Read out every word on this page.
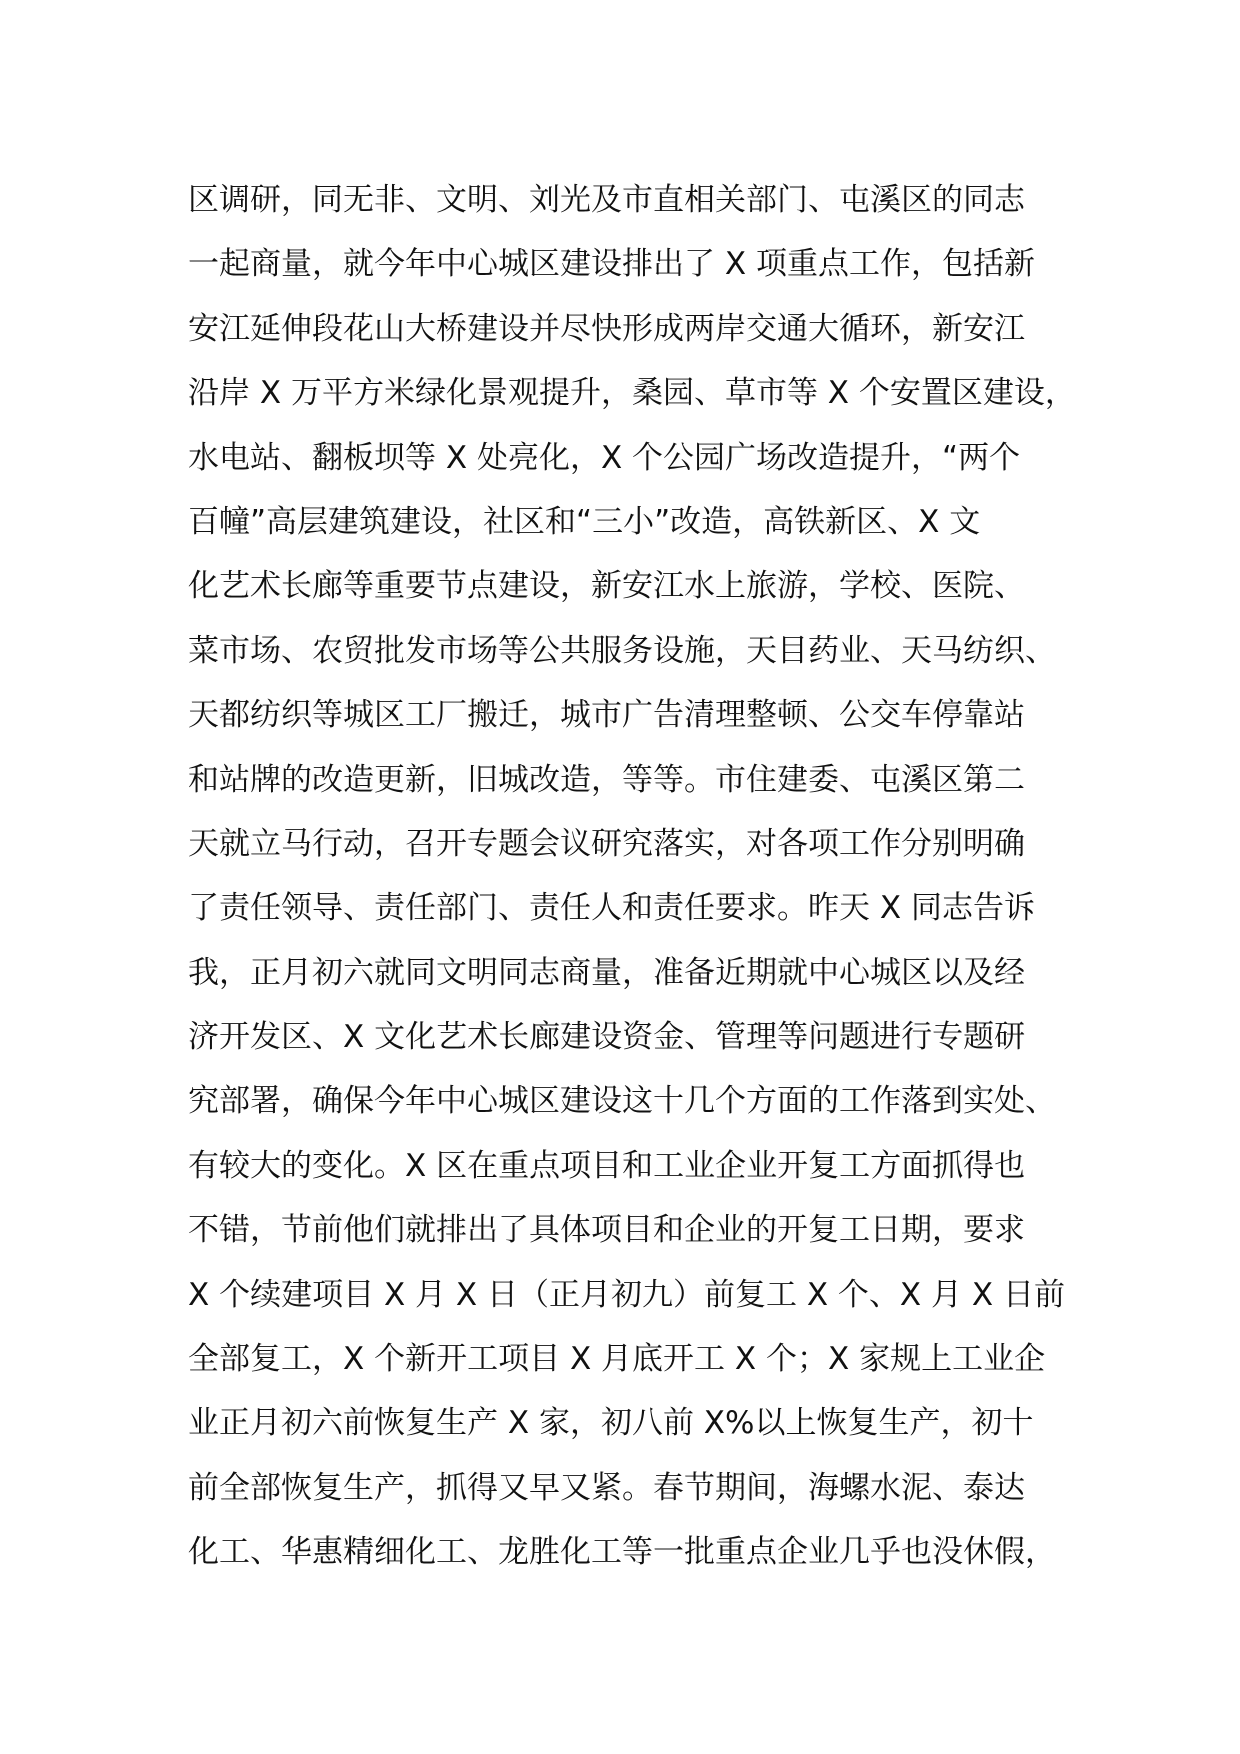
区调研，同无非、文明、刘光及市直相关部门、屯溪区的同志
一起商量，就今年中心城区建设排出了 X 项重点工作，包括新
安江延伸段花山大桥建设并尽快形成两岸交通大循环，新安江
沿岸 X 万平方米绿化景观提升，桑园、草市等 X 个安置区建设，
水电站、翻板坝等 X 处亮化，X 个公园广场改造提升，“两个
百幢”高层建筑建设，社区和“三小”改造，高铁新区、X 文
化艺术长廊等重要节点建设，新安江水上旅游，学校、医院、
菜市场、农贸批发市场等公共服务设施，天目药业、天马纺织、
天都纺织等城区工厂搬迁，城市广告清理整顿、公交车停靠站
和站牌的改造更新，旧城改造，等等。市住建委、屯溪区第二
天就立马行动，召开专题会议研究落实，对各项工作分别明确
了责任领导、责任部门、责任人和责任要求。昨天 X 同志告诉
我，正月初六就同文明同志商量，准备近期就中心城区以及经
济开发区、X 文化艺术长廊建设资金、管理等问题进行专题研
究部署，确保今年中心城区建设这十几个方面的工作落到实处、
有较大的变化。X 区在重点项目和工业企业开复工方面抓得也
不错，节前他们就排出了具体项目和企业的开复工日期，要求
X 个续建项目 X 月 X 日（正月初九）前复工 X 个、X 月 X 日前
全部复工，X 个新开工项目 X 月底开工 X 个；X 家规上工业企
业正月初六前恢复生产 X 家，初八前 X%以上恢复生产，初十
前全部恢复生产，抓得又早又紧。春节期间，海螺水泥、泰达
化工、华惠精细化工、龙胜化工等一批重点企业几乎也没休假，
